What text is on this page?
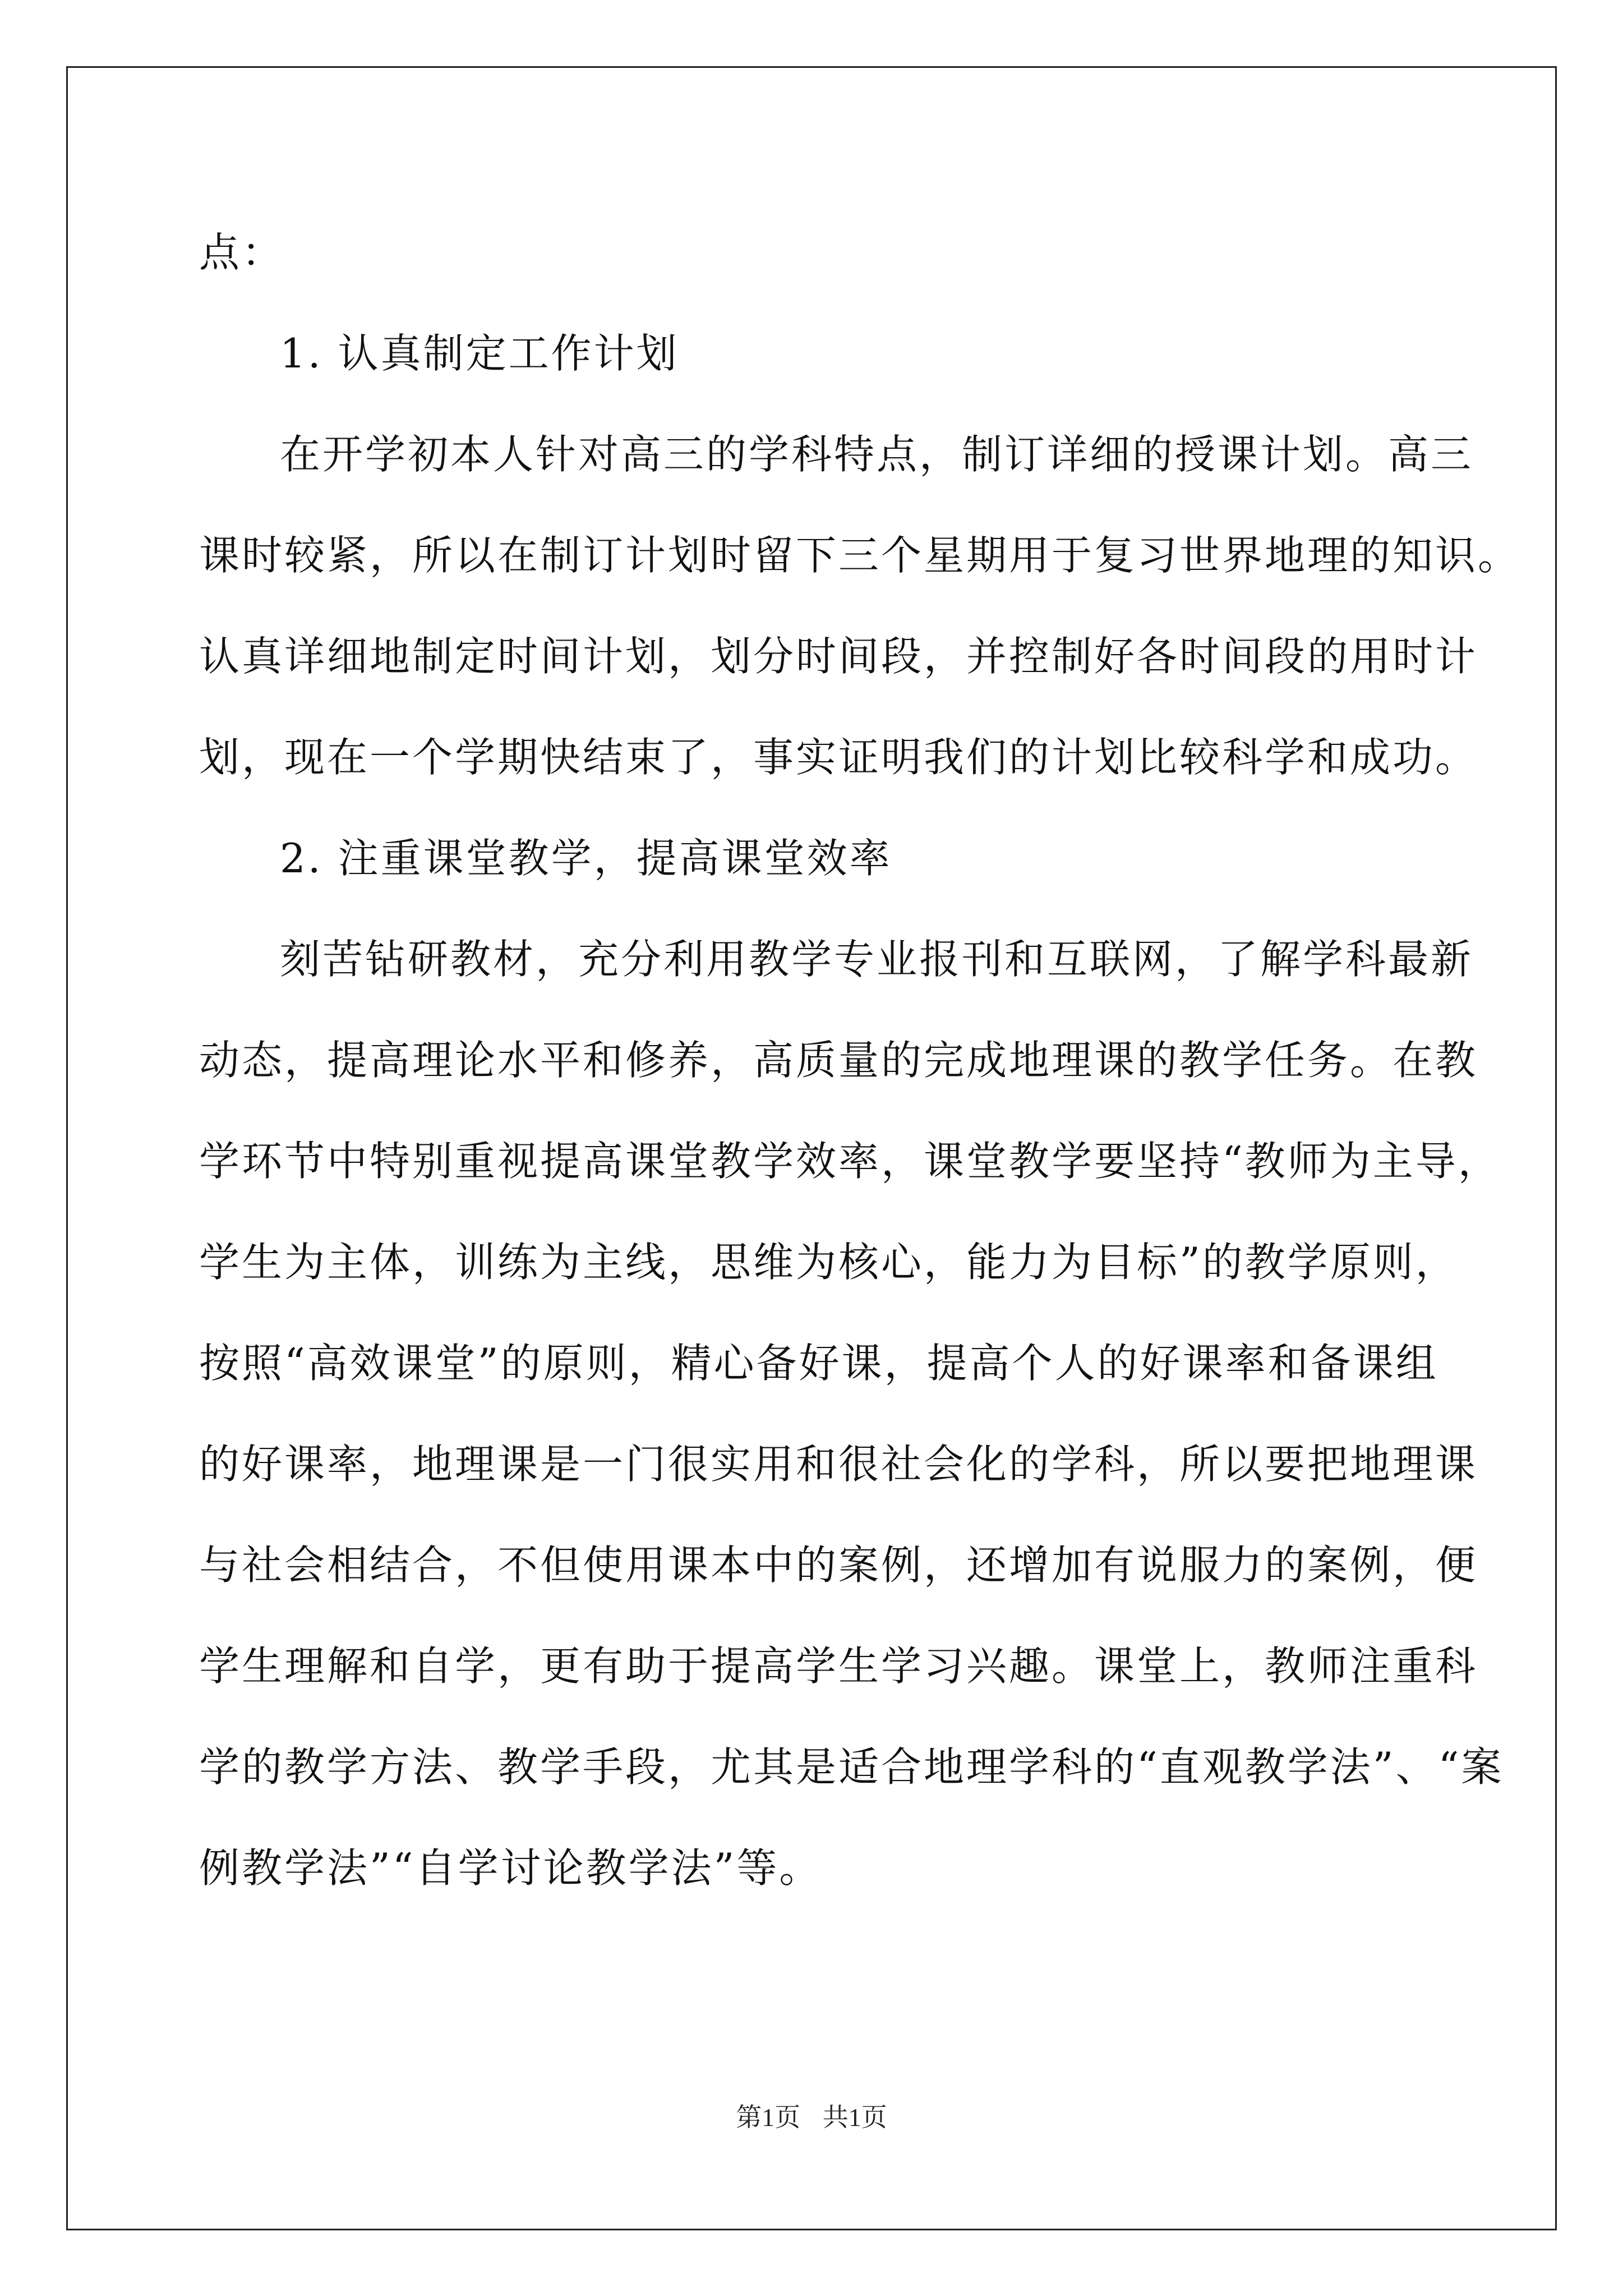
点：
1. 认真制定工作计划
在开学初本人针对高三的学科特点，制订详细的授课计划。高三
课时较紧，所以在制订计划时留下三个星期用于复习世界地理的知识。
认真详细地制定时间计划，划分时间段，并控制好各时间段的用时计
划，现在一个学期快结束了，事实证明我们的计划比较科学和成功。
2. 注重课堂教学，提高课堂效率
刻苦钻研教材，充分利用教学专业报刊和互联网，了解学科最新
动态，提高理论水平和修养，高质量的完成地理课的教学任务。在教
学环节中特别重视提高课堂教学效率，课堂教学要坚持“教师为主导，
学生为主体，训练为主线，思维为核心，能力为目标”的教学原则，
按照“高效课堂”的原则，精心备好课，提高个人的好课率和备课组
的好课率，地理课是一门很实用和很社会化的学科，所以要把地理课
与社会相结合，不但使用课本中的案例，还增加有说服力的案例，便
学生理解和自学，更有助于提高学生学习兴趣。课堂上，教师注重科
学的教学方法、教学手段，尤其是适合地理学科的“直观教学法”、“案
例教学法”“自学讨论教学法”等。
第1页 共1页
